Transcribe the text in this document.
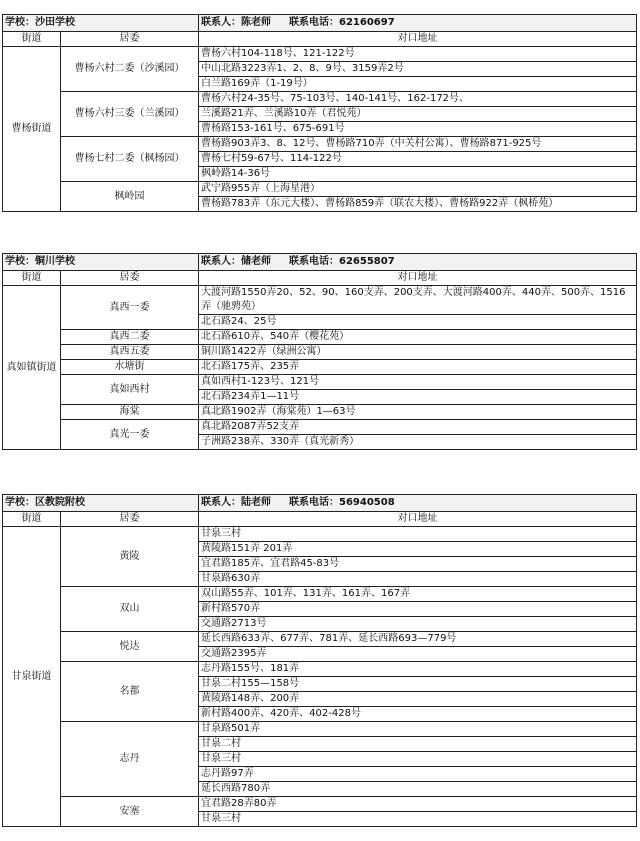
学校：沙田学校		联系人：陈老师 联系电话：62160697
街道	居委	对口地址
曹杨街道	曹杨六村二委（沙溪园）	曹杨六村104-118号、121-122号
		中山北路3223弄1、2、8、9号、3159弄2号
		白兰路169弄（1-19号）
	曹杨六村三委（兰溪园）	曹杨六村24-35号、75-103号、140-141号、162-172号、
		兰溪路21弄、兰溪路10弄（君悦苑）
		曹杨路153-161号、675-691号
	曹杨七村二委（枫杨园）	曹杨路903弄3、8、12号、曹杨路710弄（中关村公寓）、曹杨路871-925号
		曹杨七村59-67号、114-122号
		枫岭路14-36号
	枫岭园	武宁路955弄（上海星港）
		曹杨路783弄（东元大楼）、曹杨路859弄（联农大楼）、曹杨路922弄（枫桥苑）
学校：铜川学校		联系人：储老师 联系电话：62655807
街道	居委	对口地址
真如镇街道	真西一委	大渡河路1550弄20、52、90、160支弄、200支弄、大渡河路400弄、440弄、500弄、1516弄（驰骋苑）
		北石路24、25号
	真西二委	北石路610弄、540弄（樱花苑）
	真西五委	铜川路1422弄（绿洲公寓）
	水塘街	北石路175弄、235弄
	真如西村	真如西村1-123号、121号
		北石路234弄1—11号
	海棠	真北路1902弄（海棠苑）1—63号
	真光一委	真北路2087弄52支弄
		子洲路238弄、330弄（真光新秀）
学校：区教院附校		联系人：陆老师 联系电话：56940508
街道	居委	对口地址
甘泉街道	黄陵	甘泉三村
		黄陵路151弄 201弄
		宜君路185弄、宜君路45-83号
		甘泉路630弄
	双山	双山路55弄、101弄、131弄、161弄、167弄
		新村路570弄
		交通路2713号
	悦达	延长西路633弄、677弄、781弄、延长西路693—779号
		交通路2395弄
	名都	志丹路155号、181弄
		甘泉二村155—158号
		黄陵路148弄、200弄
		新村路400弄、420弄、402-428号
	志丹	甘泉路501弄
		甘泉二村
		甘泉三村
		志丹路97弄
		延长西路780弄
	安塞	宜君路28弄80弄
		甘泉三村
